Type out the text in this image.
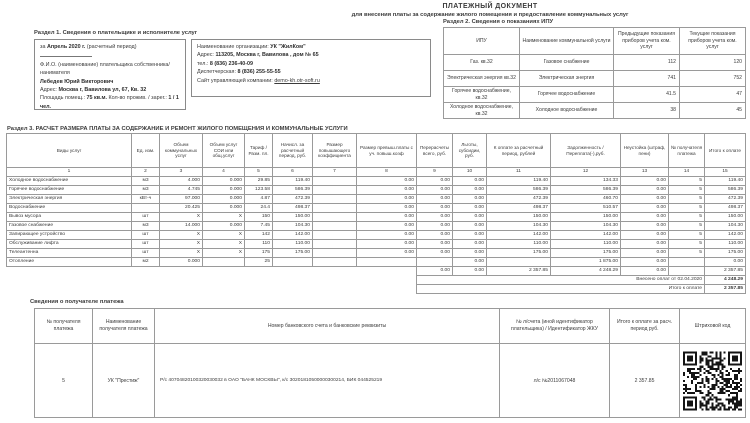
ПЛАТЕЖНЫЙ ДОКУМЕНТ
для внесения платы за содержание жилого помещения и предоставление коммунальных услуг
Раздел 1. Сведения о плательщике и исполнителе услуг
за Апрель 2020 г. (расчетный период)
Ф.И.О. (наименование) плательщика собственника/нанимателя
Лебедев Юрий Викторович
Адрес: Москва г, Вавилова ул, 67, Кв. 32
Площадь помещ.: 75 кв.м. Кол-во прожив. / зарег.: 1 / 1 чел.
Наименование организации: УК "ЖилКом"
Адрес: 113205, Москва г, Вавилова , дом № 65
тел.: 8 (836) 236-40-09
Диспетчерская: 8 (836) 255-55-55
Сайт управляющей компании: demo-kh.otr-soft.ru
Раздел 2. Сведения о показаниях ИПУ
ИПУ	Наименование коммунальной услуги	Предыдущие показания приборов учета ком. услуг	Текущие показания приборов учета ком. услуг
Газ. кв.32	Газовое снабжение	112	120
Электрическая энергия кв.32	Электрическая энергия	741	752
Горячее водоснабжение, кв.32	Горячее водоснабжение	41.5	47
Холодное водоснабжение, кв.32	Холодное водоснабжение	38	45
Раздел 3. РАСЧЕТ РАЗМЕРА ПЛАТЫ ЗА СОДЕРЖАНИЕ И РЕМОНТ ЖИЛОГО ПОМЕЩЕНИЯ И КОММУНАЛЬНЫЕ УСЛУГИ
Виды услуг	Ед. изм.	Объем коммунальных услуг	Объем услуг СОИ или общ.услуг	Тариф / Разм. пл.	Начисл. за расчетный период, руб.	Размер повышающего коэффициента	Размер превыш.платы с уч. повыш.коэф	Перерасчеты всего, руб.	Льготы, субсидии, руб.	К оплате за расчетный период, рублей	Задолженность /Переплата(-),руб.	Неустойка (штраф, пени)	№ получателя платежа	Итого к оплате
1	2	3	4	5	6	7	8	9	10	11	12	13	14	15
Холодное водоснабжение	м3	4.000	0.000	29.85	119.40		0.00	0.00	0.00	119.40	134.33	0.00	5	119.40
Горячее водоснабжение	м3	4.745	0.000	123.58	586.39		0.00	0.00	0.00	586.39	586.39	0.00	5	586.39
Электрическая энергия	кВт-ч	97.000	0.000	4.87	472.39		0.00	0.00	0.00	472.39	460.70	0.00	5	472.39
Водоснабжение		20.425	0.000	24.4	498.37		0.00	0.00	0.00	498.37	510.57	0.00	5	498.37
Вывоз мусора	шт	X	X	150	150.00		0.00	0.00	0.00	150.00	150.00	0.00	5	150.00
Газовое снабжение	м3	14.000	0.000	7.45	104.30		0.00	0.00	0.00	104.30	104.30	0.00	5	104.30
Запирающее устройство	шт	X	X	142	142.00		0.00	0.00	0.00	142.00	142.00	0.00	5	142.00
Обслуживание лифта	шт	X	X	110	110.00		0.00	0.00	0.00	110.00	110.00	0.00	5	110.00
Телеантенна	шт	X	X	175	175.00		0.00	0.00	0.00	175.00	175.00	0.00	5	175.00
Отопление	м2	0.000		25					0.00		1 875.00	0.00		0.00
								0.00	0.00	2 357.85	4 248.29	0.00		2 357.85
								Внесено оплат от 02.04.2020						4 248.29
								Итого к оплате						2 357.85
Сведения о получателе платежа
№ получателя платежа	Наименование получателя платежа	Номер банковского счета и банковские реквизиты	№ л/счета (иной идентификатор плательщика) / Идентификатор ЖКУ	Итого к оплате за расч. период руб.	Штриховой код
5	УК "Престиж"	Р/с 40704820100320030032 в ОАО "БАНК МОСКВЫ", к/с 30201810500000300214, БИК 044525219	л/с №2011067048	2 357.85	
